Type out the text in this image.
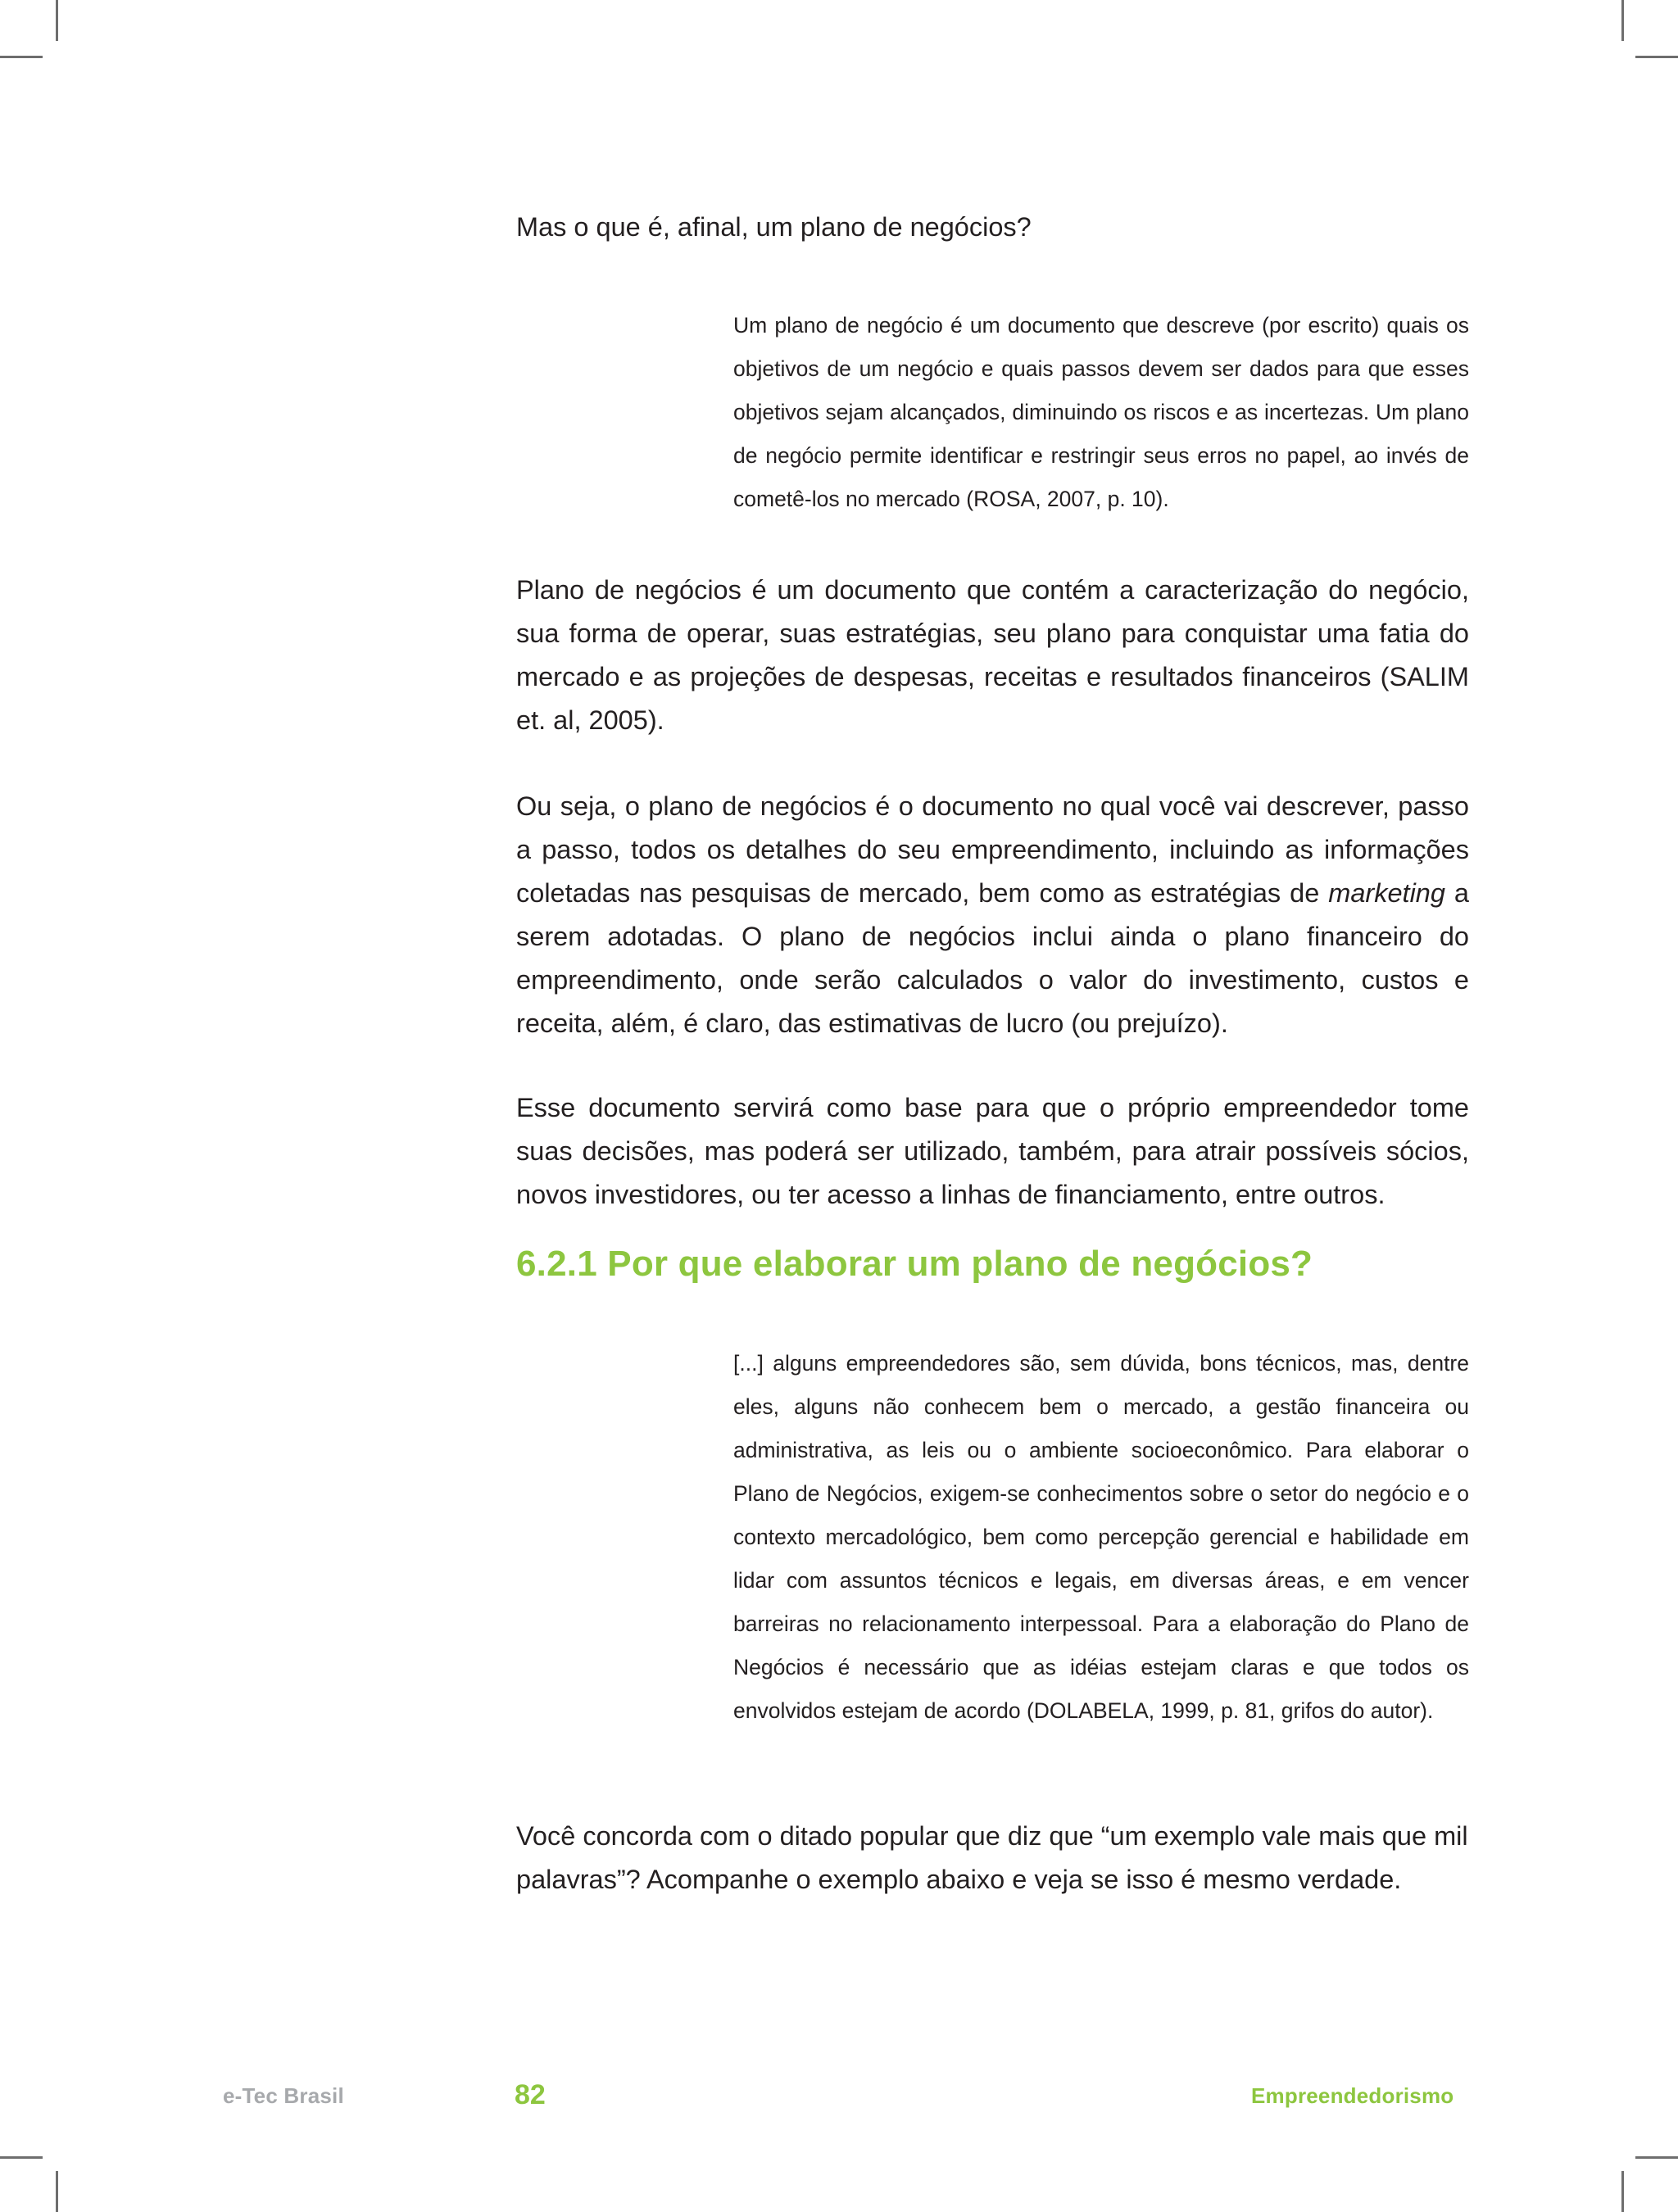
Mas o que é, afinal, um plano de negócios?
Um plano de negócio é um documento que descreve (por escrito) quais os objetivos de um negócio e quais passos devem ser dados para que esses objetivos sejam alcançados, diminuindo os riscos e as incertezas. Um plano de negócio permite identificar e restringir seus erros no papel, ao invés de cometê-los no mercado (ROSA, 2007, p. 10).
Plano de negócios é um documento que contém a caracterização do negócio, sua forma de operar, suas estratégias, seu plano para conquistar uma fatia do mercado e as projeções de despesas, receitas e resultados financeiros (SALIM et. al, 2005).
Ou seja, o plano de negócios é o documento no qual você vai descrever, passo a passo, todos os detalhes do seu empreendimento, incluindo as informações coletadas nas pesquisas de mercado, bem como as estratégias de marketing a serem adotadas. O plano de negócios inclui ainda o plano financeiro do empreendimento, onde serão calculados o valor do investimento, custos e receita, além, é claro, das estimativas de lucro (ou prejuízo).
Esse documento servirá como base para que o próprio empreendedor tome suas decisões, mas poderá ser utilizado, também, para atrair possíveis sócios, novos investidores, ou ter acesso a linhas de financiamento, entre outros.
6.2.1 Por que elaborar um plano de negócios?
[...] alguns empreendedores são, sem dúvida, bons técnicos, mas, dentre eles, alguns não conhecem bem o mercado, a gestão financeira ou administrativa, as leis ou o ambiente socioeconômico. Para elaborar o Plano de Negócios, exigem-se conhecimentos sobre o setor do negócio e o contexto mercadológico, bem como percepção gerencial e habilidade em lidar com assuntos técnicos e legais, em diversas áreas, e em vencer barreiras no relacionamento interpessoal. Para a elaboração do Plano de Negócios é necessário que as idéias estejam claras e que todos os envolvidos estejam de acordo (DOLABELA, 1999, p. 81, grifos do autor).
Você concorda com o ditado popular que diz que “um exemplo vale mais que mil palavras”? Acompanhe o exemplo abaixo e veja se isso é mesmo verdade.
e-Tec Brasil	82	Empreendedorismo
